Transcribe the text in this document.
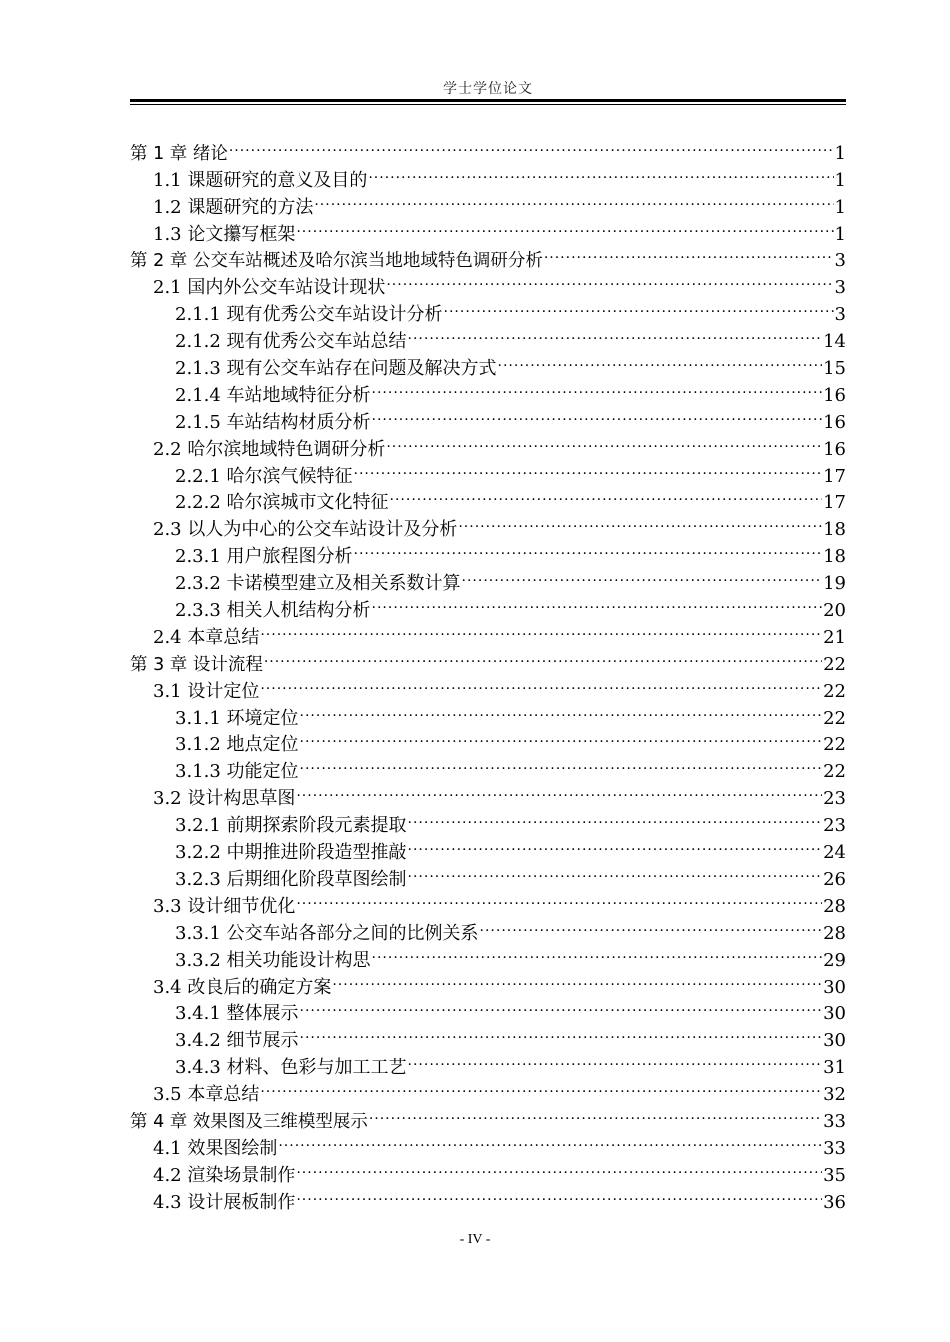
学士学位论文
第 1 章 绪论 .....	1
1.1 课题研究的意义及目的 .....	1
1.2 课题研究的方法 .....	1
1.3 论文攥写框架 .....	1
第 2 章 公交车站概述及哈尔滨当地地域特色调研分析 .....	3
2.1 国内外公交车站设计现状 .....	3
2.1.1 现有优秀公交车站设计分析 .....	3
2.1.2 现有优秀公交车站总结 .....	14
2.1.3 现有公交车站存在问题及解决方式 .....	15
2.1.4 车站地域特征分析 .....	16
2.1.5 车站结构材质分析 .....	16
2.2 哈尔滨地域特色调研分析 .....	16
2.2.1 哈尔滨气候特征 .....	17
2.2.2 哈尔滨城市文化特征 .....	17
2.3 以人为中心的公交车站设计及分析 .....	18
2.3.1 用户旅程图分析 .....	18
2.3.2 卡诺模型建立及相关系数计算 .....	19
2.3.3 相关人机结构分析 .....	20
2.4 本章总结 .....	21
第 3 章 设计流程 .....	22
3.1 设计定位 .....	22
3.1.1 环境定位 .....	22
3.1.2 地点定位 .....	22
3.1.3 功能定位 .....	22
3.2 设计构思草图 .....	23
3.2.1 前期探索阶段元素提取 .....	23
3.2.2 中期推进阶段造型推敲 .....	24
3.2.3 后期细化阶段草图绘制 .....	26
3.3 设计细节优化 .....	28
3.3.1 公交车站各部分之间的比例关系 .....	28
3.3.2 相关功能设计构思 .....	29
3.4 改良后的确定方案 .....	30
3.4.1 整体展示 .....	30
3.4.2 细节展示 .....	30
3.4.3 材料、色彩与加工工艺 .....	31
3.5 本章总结 .....	32
第 4 章 效果图及三维模型展示 .....	33
4.1 效果图绘制 .....	33
4.2 渲染场景制作 .....	35
4.3 设计展板制作 .....	36
- IV -
